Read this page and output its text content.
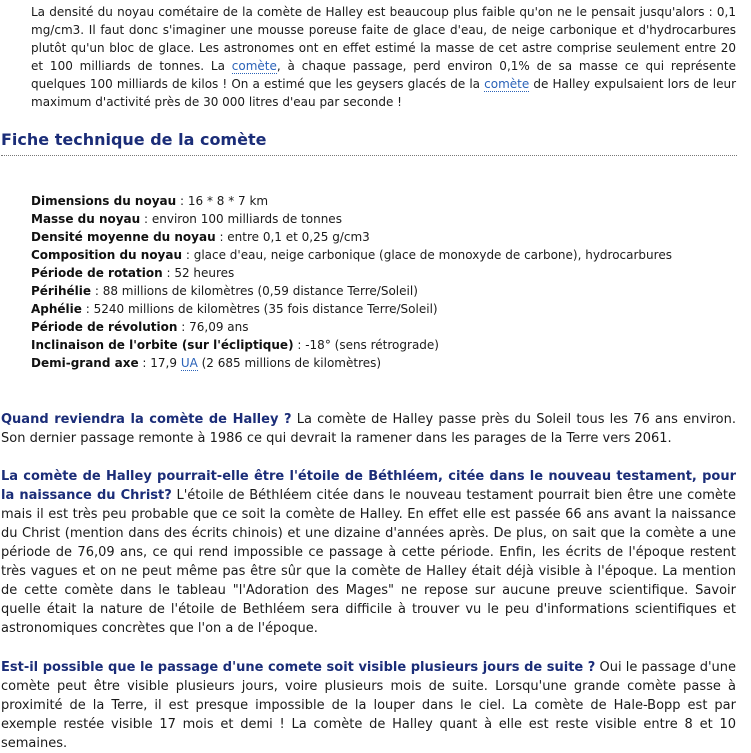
La densité du noyau cométaire de la comète de Halley est beaucoup plus faible qu'on ne le pensait jusqu'alors : 0,1 mg/cm3. Il faut donc s'imaginer une mousse poreuse faite de glace d'eau, de neige carbonique et d'hydrocarbures plutôt qu'un bloc de glace. Les astronomes ont en effet estimé la masse de cet astre comprise seulement entre 20 et 100 milliards de tonnes. La comète, à chaque passage, perd environ 0,1% de sa masse ce qui représente quelques 100 milliards de kilos ! On a estimé que les geysers glacés de la comète de Halley expulsaient lors de leur maximum d'activité près de 30 000 litres d'eau par seconde !

Fiche technique de la comète
Dimensions du noyau : 16 * 8 * 7 km
Masse du noyau : environ 100 milliards de tonnes
Densité moyenne du noyau : entre 0,1 et 0,25 g/cm3
Composition du noyau : glace d'eau, neige carbonique (glace de monoxyde de carbone), hydrocarbures
Période de rotation : 52 heures
Périhélie : 88 millions de kilomètres (0,59 distance Terre/Soleil)
Aphélie : 5240 millions de kilomètres (35 fois distance Terre/Soleil)
Période de révolution : 76,09 ans
Inclinaison de l'orbite (sur l'écliptique) : -18° (sens rétrograde)
Demi-grand axe : 17,9 UA (2 685 millions de kilomètres)

Quand reviendra la comète de Halley ? La comète de Halley passe près du Soleil tous les 76 ans environ. Son dernier passage remonte à 1986 ce qui devrait la ramener dans les parages de la Terre vers 2061.

La comète de Halley pourrait-elle être l'étoile de Béthléem, citée dans le nouveau testament, pour la naissance du Christ? L'étoile de Béthléem citée dans le nouveau testament pourrait bien être une comète mais il est très peu probable que ce soit la comète de Halley. En effet elle est passée 66 ans avant la naissance du Christ (mention dans des écrits chinois) et une dizaine d'années après. De plus, on sait que la comète a une période de 76,09 ans, ce qui rend impossible ce passage à cette période. Enfin, les écrits de l'époque restent très vagues et on ne peut même pas être sûr que la comète de Halley était déjà visible à l'époque. La mention de cette comète dans le tableau "l'Adoration des Mages" ne repose sur aucune preuve scientifique. Savoir quelle était la nature de l'étoile de Bethléem sera difficile à trouver vu le peu d'informations scientifiques et astronomiques concrètes que l'on a de l'époque.

Est-il possible que le passage d'une comete soit visible plusieurs jours de suite ? Oui le passage d'une comète peut être visible plusieurs jours, voire plusieurs mois de suite. Lorsqu'une grande comète passe à proximité de la Terre, il est presque impossible de la louper dans le ciel. La comète de Hale-Bopp est par exemple restée visible 17 mois et demi ! La comète de Halley quant à elle est reste visible entre 8 et 10 semaines.
